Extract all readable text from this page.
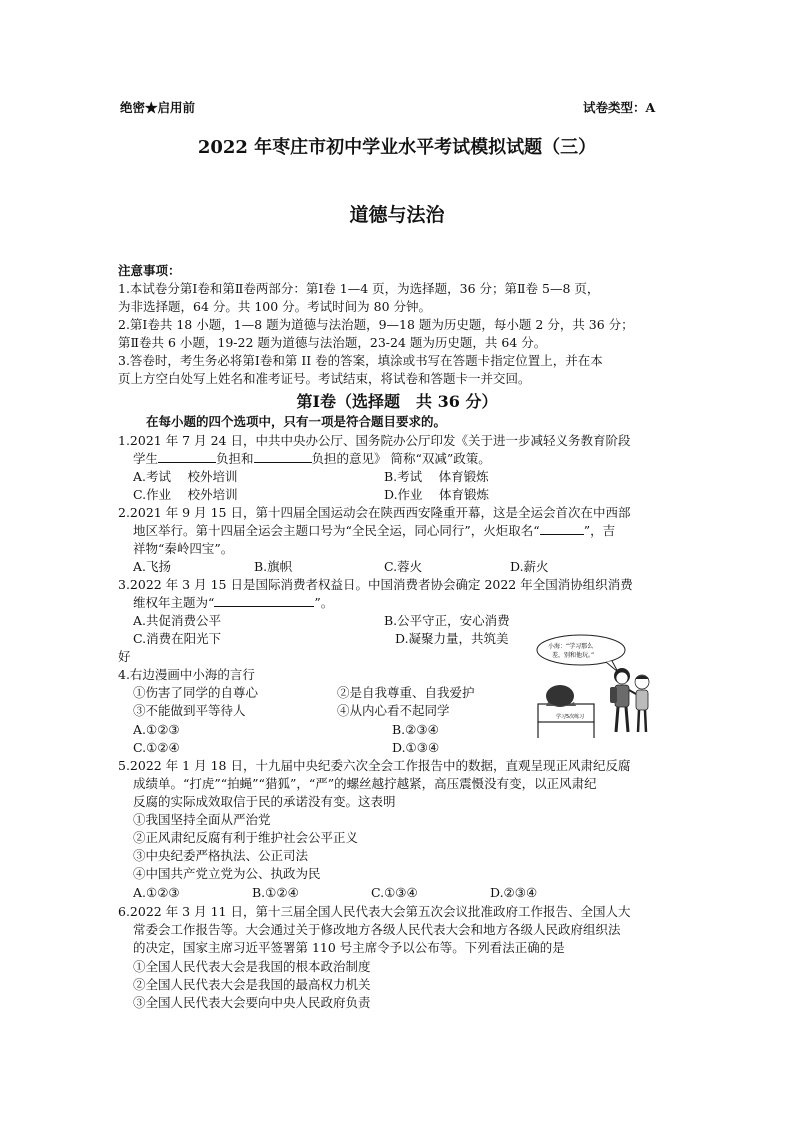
绝密★启用前	试卷类型：A
2022 年枣庄市初中学业水平考试模拟试题（三）
道德与法治
注意事项：
1.本试卷分第Ⅰ卷和第Ⅱ卷两部分：第Ⅰ卷 1—4 页，为选择题，36 分；第Ⅱ卷 5—8 页，
为非选择题，64 分。共 100 分。考试时间为 80 分钟。
2.第Ⅰ卷共 18 小题，1—8 题为道德与法治题，9—18 题为历史题，每小题 2 分，共 36 分；
第Ⅱ卷共 6 小题，19-22 题为道德与法治题，23-24 题为历史题，共 64 分。
3.答卷时，考生务必将第Ⅰ卷和第 II 卷的答案，填涂或书写在答题卡指定位置上，并在本
页上方空白处写上姓名和准考证号。考试结束，将试卷和答题卡一并交回。
第Ⅰ卷（选择题　共 36 分）
在每小题的四个选项中，只有一项是符合题目要求的。
1.2021 年 7 月 24 日，中共中央办公厅、国务院办公厅印发《关于进一步减轻义务教育阶段
学生	负担和	负担的意见》 简称“双减”政策。
A.考试　 校外培训	B.考试　 体育锻炼
C.作业　 校外培训	D.作业　 体育锻炼
2.2021 年 9 月 15 日，第十四届全国运动会在陕西西安隆重开幕，这是全运会首次在中西部
地区举行。第十四届全运会主题口号为“全民全运，同心同行”，火炬取名“	”，吉
祥物“秦岭四宝”。
A.飞扬	B.旗帜	C.蓉火	D.薪火
3.2022 年 3 月 15 日是国际消费者权益日。中国消费者协会确定 2022 年全国消协组织消费
维权年主题为“	”。
A.共促消费公平	B.公平守正，安心消费
C.消费在阳光下	D.凝聚力量，共筑美
好
4.右边漫画中小海的言行
①伤害了同学的自尊心	②是自我尊重、自我爱护
③不能做到平等待人	④从内心看不起同学
A.①②③	B.②③④
C.①②④	D.①③④
小海：“学习那么
差，别和他玩。”
学习5次练习
5.2022 年 1 月 18 日，十九届中央纪委六次全会工作报告中的数据，直观呈现正风肃纪反腐
成绩单。“打虎”“拍蝇”“猎狐”，“严”的螺丝越拧越紧，高压震慑没有变，以正风肃纪
反腐的实际成效取信于民的承诺没有变。这表明
①我国坚持全面从严治党
②正风肃纪反腐有利于维护社会公平正义
③中央纪委严格执法、公正司法
④中国共产党立党为公、执政为民
A.①②③	B.①②④	C.①③④	D.②③④
6.2022 年 3 月 11 日，第十三届全国人民代表大会第五次会议批准政府工作报告、全国人大
常委会工作报告等。大会通过关于修改地方各级人民代表大会和地方各级人民政府组织法
的决定，国家主席习近平签署第 110 号主席令予以公布等。下列看法正确的是
①全国人民代表大会是我国的根本政治制度
②全国人民代表大会是我国的最高权力机关
③全国人民代表大会要向中央人民政府负责
